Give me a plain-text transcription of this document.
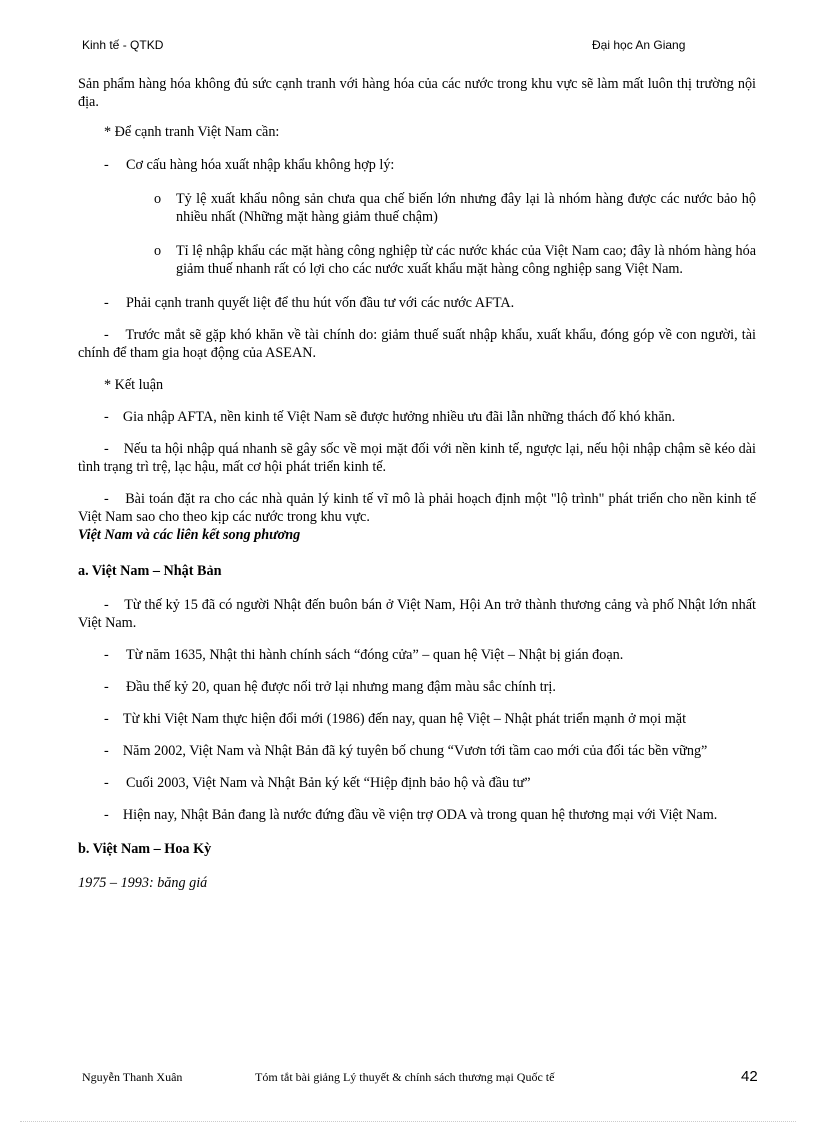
Kinh tế - QTKD	Đại học An Giang

Sản phẩm hàng hóa không đủ sức cạnh tranh với hàng hóa của các nước trong khu vực sẽ làm mất luôn thị trường nội địa.

* Để cạnh tranh Việt Nam cần:

- Cơ cấu hàng hóa xuất nhập khẩu không hợp lý:
o Tỷ lệ xuất khẩu nông sản chưa qua chế biến lớn nhưng đây lại là nhóm hàng được các nước bảo hộ nhiều nhất (Những mặt hàng giảm thuế chậm)
o Tỉ lệ nhập khẩu các mặt hàng công nghiệp từ các nước khác của Việt Nam cao; đây là nhóm hàng hóa giảm thuế nhanh rất có lợi cho các nước xuất khẩu mặt hàng công nghiệp sang Việt Nam.
- Phải cạnh tranh quyết liệt để thu hút vốn đầu tư với các nước AFTA.

-    Trước mắt sẽ gặp khó khăn về tài chính do: giảm thuế suất nhập khẩu, xuất khẩu, đóng góp về con người, tài chính để tham gia hoạt động của ASEAN.

* Kết luận

-    Gia nhập AFTA, nền kinh tế Việt Nam sẽ được hưởng nhiều ưu đãi lẫn những thách đố khó khăn.

-    Nếu ta hội nhập quá nhanh sẽ gây sốc về mọi mặt đối với nền kinh tế, ngược lại, nếu hội nhập chậm sẽ kéo dài tình trạng trì trệ, lạc hậu, mất cơ hội phát triển kinh tế.

-    Bài toán đặt ra cho các nhà quản lý kinh tế vĩ mô là phải hoạch định một "lộ trình" phát triển cho nền kinh tế Việt Nam sao cho theo kịp các nước trong khu vực.

Việt Nam và các liên kết song phương

a. Việt Nam – Nhật Bản

-    Từ thế kỷ 15 đã có người Nhật đến buôn bán ở Việt Nam, Hội An trở thành thương cảng và phố Nhật lớn nhất Việt Nam.

- Từ năm 1635, Nhật thi hành chính sách “đóng cửa” – quan hệ Việt – Nhật bị gián đoạn.
- Đầu thế kỷ 20, quan hệ được nối trở lại nhưng mang đậm màu sắc chính trị.

-    Từ khi Việt Nam thực hiện đổi mới (1986) đến nay, quan hệ Việt – Nhật phát triển mạnh ở mọi mặt

-    Năm 2002, Việt Nam và Nhật Bản đã ký tuyên bố chung “Vươn tới tầm cao mới của đối tác bền vững”

- Cuối 2003, Việt Nam và Nhật Bản ký kết “Hiệp định bảo hộ và đầu tư”

-    Hiện nay, Nhật Bản đang là nước đứng đầu về viện trợ ODA và trong quan hệ thương mại với Việt Nam.

b. Việt Nam – Hoa Kỳ

1975 – 1993: băng giá

Nguyễn Thanh Xuân	Tóm tắt bài giảng Lý thuyết & chính sách thương mại Quốc tế	42
